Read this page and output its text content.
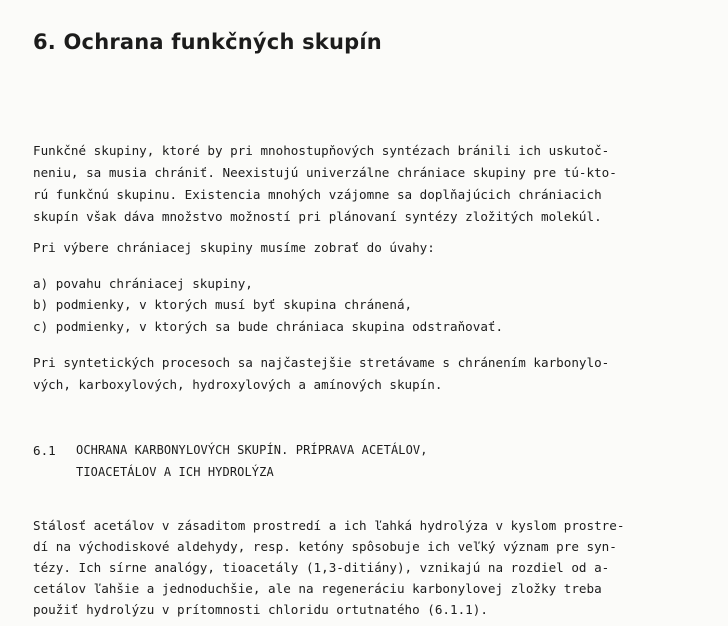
6. Ochrana funkčných skupín
Funkčné skupiny, ktoré by pri mnohostupňových syntézach bránili ich uskutoč-
neniu, sa musia chrániť. Neexistujú univerzálne chrániace skupiny pre tú-kto-
rú funkčnú skupinu. Existencia mnohých vzájomne sa doplňajúcich chrániacich
skupín však dáva množstvo možností pri plánovaní syntézy zložitých molekúl.
Pri výbere chrániacej skupiny musíme zobrať do úvahy:
a) povahu chrániacej skupiny,
b) podmienky, v ktorých musí byť skupina chránená,
c) podmienky, v ktorých sa bude chrániaca skupina odstraňovať.
Pri syntetických procesoch sa najčastejšie stretávame s chránením karbonylo-
vých, karboxylových, hydroxylových a amínových skupín.
6.1 OCHRANA KARBONYLOVÝCH SKUPÍN. PRÍPRAVA ACETÁLOV,
TIOACETÁLOV A ICH HYDROLÝZA
Stálosť acetálov v zásaditom prostredí a ich ľahká hydrolýza v kyslom prostre-
dí na východiskové aldehydy, resp. ketóny spôsobuje ich veľký význam pre syn-
tézy. Ich sírne analógy, tioacetály (1,3-ditiány), vznikajú na rozdiel od a-
cetálov ľahšie a jednoduchšie, ale na regeneráciu karbonylovej zložky treba
použiť hydrolýzu v prítomnosti chloridu ortutnatého (6.1.1).
